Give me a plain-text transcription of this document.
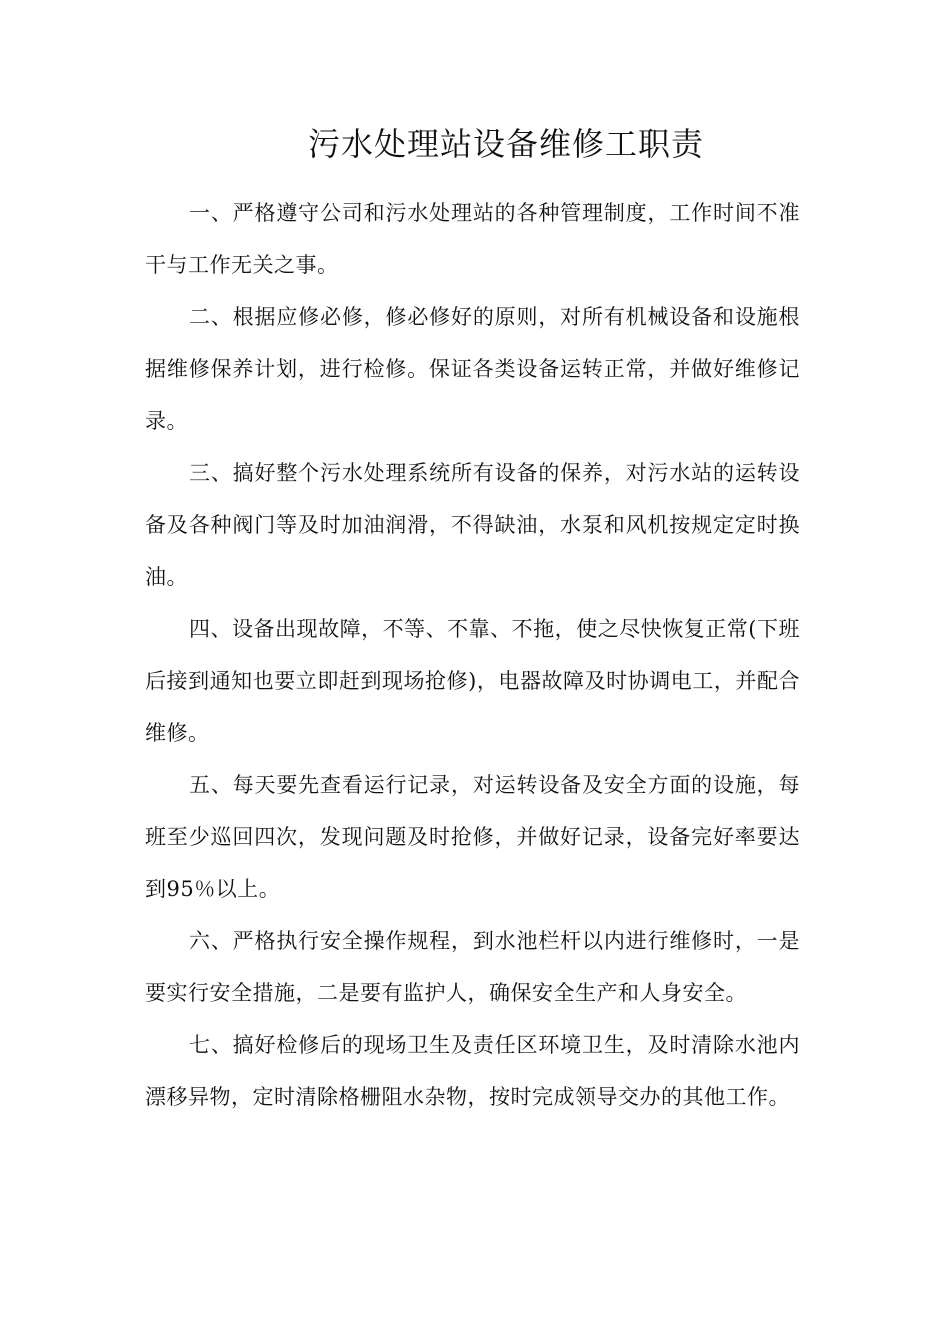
污水处理站设备维修工职责

一、严格遵守公司和污水处理站的各种管理制度，工作时间不准干与工作无关之事。

二、根据应修必修，修必修好的原则，对所有机械设备和设施根据维修保养计划，进行检修。保证各类设备运转正常，并做好维修记录。

三、搞好整个污水处理系统所有设备的保养，对污水站的运转设备及各种阀门等及时加油润滑，不得缺油，水泵和风机按规定定时换油。

四、设备出现故障，不等、不靠、不拖，使之尽快恢复正常(下班后接到通知也要立即赶到现场抢修)，电器故障及时协调电工，并配合维修。

五、每天要先查看运行记录，对运转设备及安全方面的设施，每班至少巡回四次，发现问题及时抢修，并做好记录，设备完好率要达到95％以上。

六、严格执行安全操作规程，到水池栏杆以内进行维修时，一是要实行安全措施，二是要有监护人，确保安全生产和人身安全。

七、搞好检修后的现场卫生及责任区环境卫生，及时清除水池内漂移异物，定时清除格栅阻水杂物，按时完成领导交办的其他工作。
